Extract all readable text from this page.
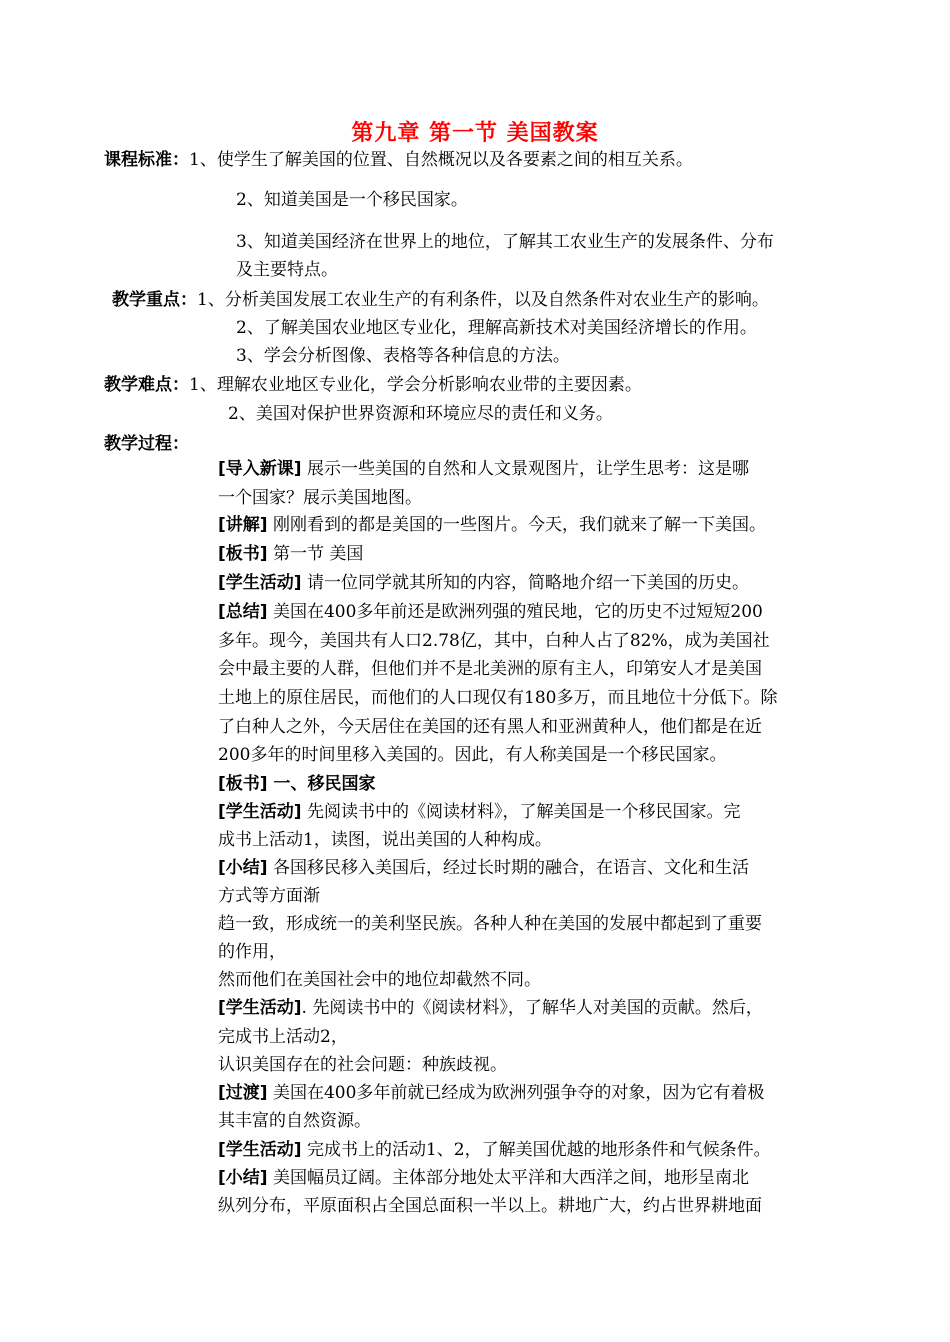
第九章 第一节 美国教案
课程标准：1、使学生了解美国的位置、自然概况以及各要素之间的相互关系。
2、知道美国是一个移民国家。
3、知道美国经济在世界上的地位，了解其工农业生产的发展条件、分布
及主要特点。
教学重点：1、分析美国发展工农业生产的有利条件，以及自然条件对农业生产的影响。
2、了解美国农业地区专业化，理解高新技术对美国经济增长的作用。
3、学会分析图像、表格等各种信息的方法。
教学难点：1、理解农业地区专业化，学会分析影响农业带的主要因素。
2、美国对保护世界资源和环境应尽的责任和义务。
教学过程：
[导入新课] 展示一些美国的自然和人文景观图片，让学生思考：这是哪
一个国家？展示美国地图。
[讲解] 刚刚看到的都是美国的一些图片。今天，我们就来了解一下美国。
[板书] 第一节 美国
[学生活动] 请一位同学就其所知的内容，简略地介绍一下美国的历史。
[总结] 美国在400多年前还是欧洲列强的殖民地，它的历史不过短短200
多年。现今，美国共有人口2.78亿，其中，白种人占了82%，成为美国社
会中最主要的人群，但他们并不是北美洲的原有主人，印第安人才是美国
土地上的原住居民，而他们的人口现仅有180多万，而且地位十分低下。除
了白种人之外，今天居住在美国的还有黑人和亚洲黄种人，他们都是在近
200多年的时间里移入美国的。因此，有人称美国是一个移民国家。
[板书] 一、移民国家
[学生活动] 先阅读书中的《阅读材料》，了解美国是一个移民国家。完
成书上活动1，读图，说出美国的人种构成。
[小结] 各国移民移入美国后，经过长时期的融合，在语言、文化和生活
方式等方面渐
趋一致，形成统一的美利坚民族。各种人种在美国的发展中都起到了重要
的作用，
然而他们在美国社会中的地位却截然不同。
[学生活动]. 先阅读书中的《阅读材料》，了解华人对美国的贡献。然后，
完成书上活动2，
认识美国存在的社会问题：种族歧视。
[过渡] 美国在400多年前就已经成为欧洲列强争夺的对象，因为它有着极
其丰富的自然资源。
[学生活动] 完成书上的活动1、2，了解美国优越的地形条件和气候条件。
[小结] 美国幅员辽阔。主体部分地处太平洋和大西洋之间，地形呈南北
纵列分布，平原面积占全国总面积一半以上。耕地广大，约占世界耕地面
